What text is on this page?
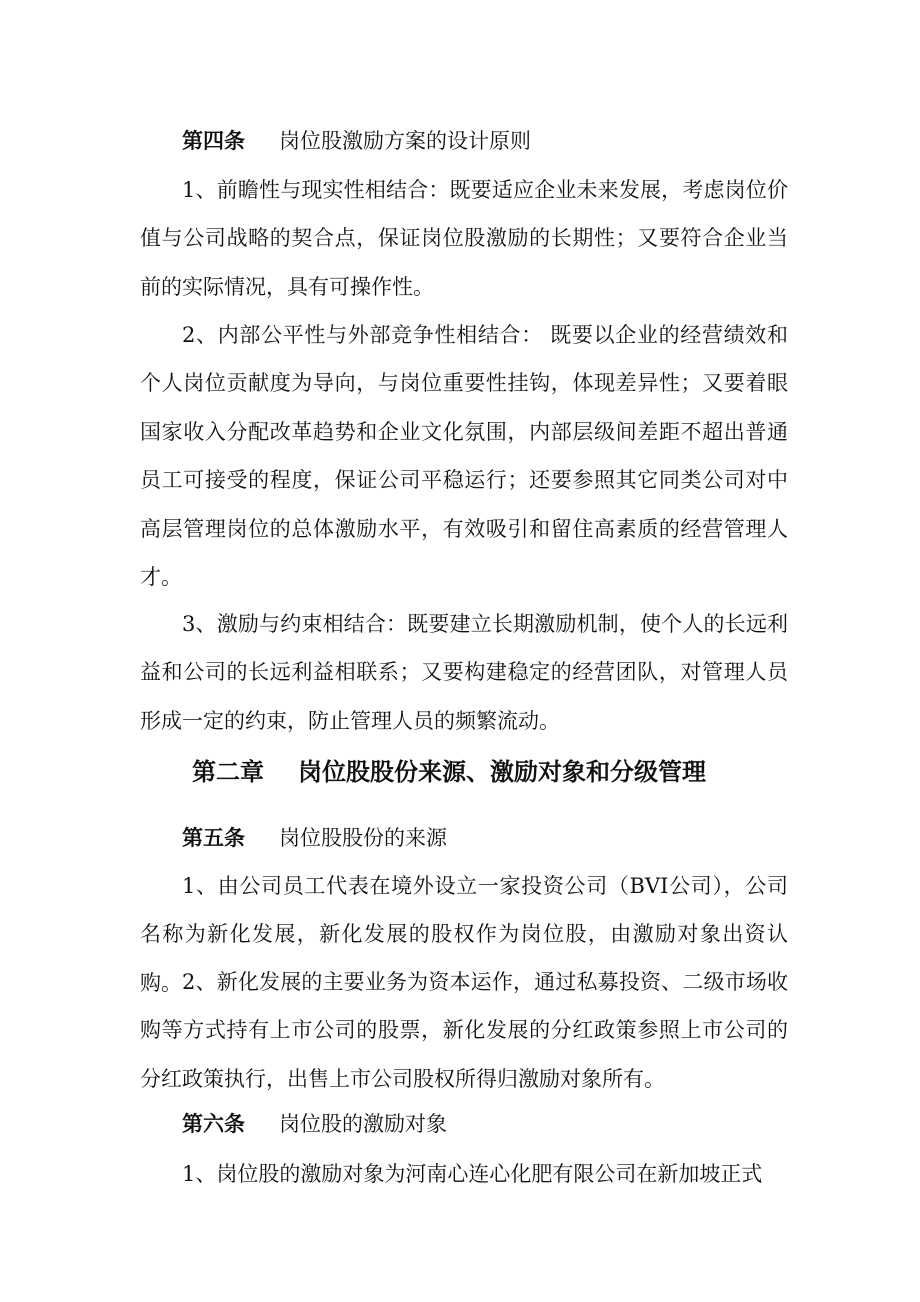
第四条 岗位股激励方案的设计原则

1、前瞻性与现实性相结合：既要适应企业未来发展，考虑岗位价值与公司战略的契合点，保证岗位股激励的长期性；又要符合企业当前的实际情况，具有可操作性。

2、内部公平性与外部竞争性相结合： 既要以企业的经营绩效和个人岗位贡献度为导向，与岗位重要性挂钩，体现差异性；又要着眼国家收入分配改革趋势和企业文化氛围，内部层级间差距不超出普通员工可接受的程度，保证公司平稳运行；还要参照其它同类公司对中高层管理岗位的总体激励水平，有效吸引和留住高素质的经营管理人才。

3、激励与约束相结合：既要建立长期激励机制，使个人的长远利益和公司的长远利益相联系；又要构建稳定的经营团队，对管理人员形成一定的约束，防止管理人员的频繁流动。

第二章 岗位股股份来源、激励对象和分级管理

第五条 岗位股股份的来源

1、由公司员工代表在境外设立一家投资公司（BVI公司），公司名称为新化发展，新化发展的股权作为岗位股，由激励对象出资认购。 2、新化发展的主要业务为资本运作，通过私募投资、二级市场收购等方式持有上市公司的股票，新化发展的分红政策参照上市公司的分红政策执行，出售上市公司股权所得归激励对象所有。

第六条 岗位股的激励对象

1、岗位股的激励对象为河南心连心化肥有限公司在新加坡正式
